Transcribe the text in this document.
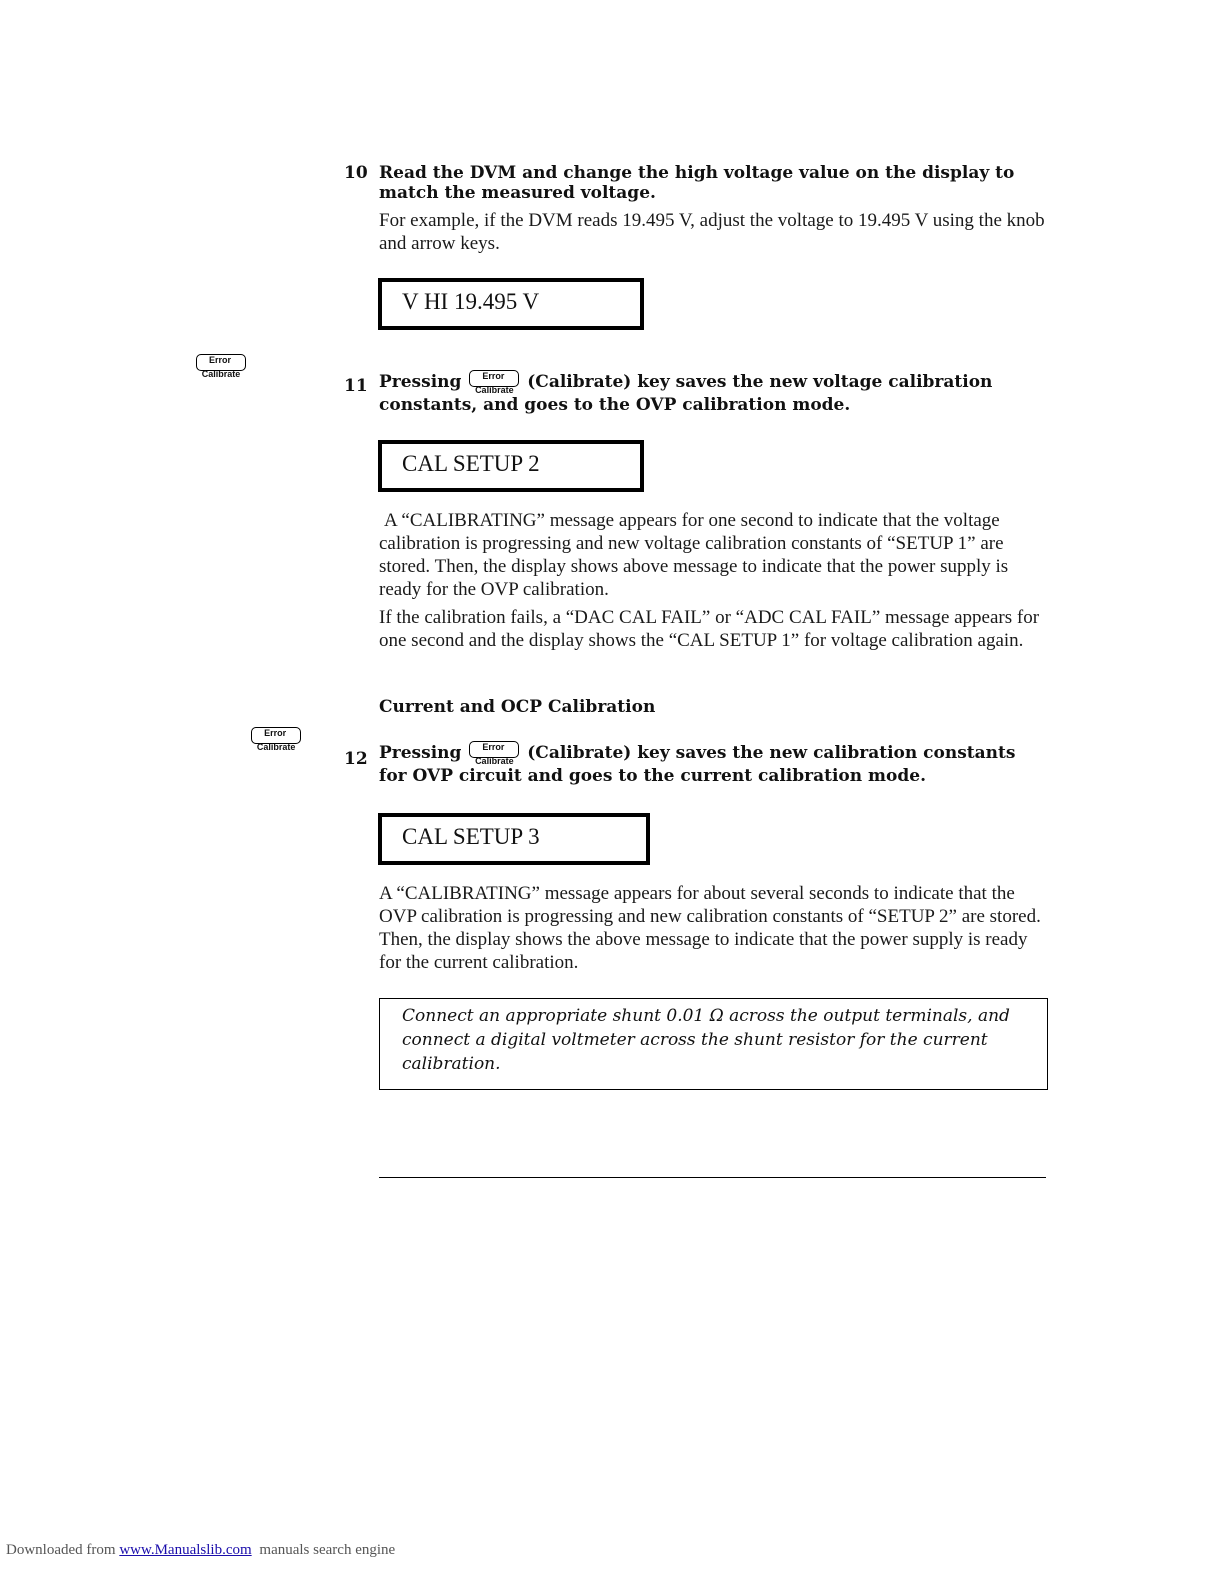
10 Read the DVM and change the high voltage value on the display to match the measured voltage.

For example, if the DVM reads 19.495 V, adjust the voltage to 19.495 V using the knob and arrow keys.

V HI 19.495 V
Error
Calibrate

11 Pressing	Error
Calibrate (Calibrate) key saves the new voltage calibration constants, and goes to the OVP calibration mode.
CAL SETUP 2

A “CALIBRATING” message appears for one second to indicate that the voltage calibration is progressing and new voltage calibration constants of “SETUP 1” are stored. Then, the display shows above message to indicate that the power supply is ready for the OVP calibration.

If the calibration fails, a “DAC CAL FAIL” or “ADC CAL FAIL” message appears for one second and the display shows the “CAL SETUP 1” for voltage calibration again.

Current and OCP Calibration
Error
Calibrate
12 Pressing	Error
Calibrate (Calibrate) key saves the new calibration constants for OVP circuit and goes to the current calibration mode.
CAL SETUP 3

A “CALIBRATING” message appears for about several seconds to indicate that the OVP calibration is progressing and new calibration constants of “SETUP 2” are stored. Then, the display shows the above message to indicate that the power supply is ready for the current calibration.

Connect an appropriate shunt 0.01 Ω across the output terminals, and connect a digital voltmeter across the shunt resistor for the current calibration.
Downloaded from www.Manualslib.com manuals search engine
